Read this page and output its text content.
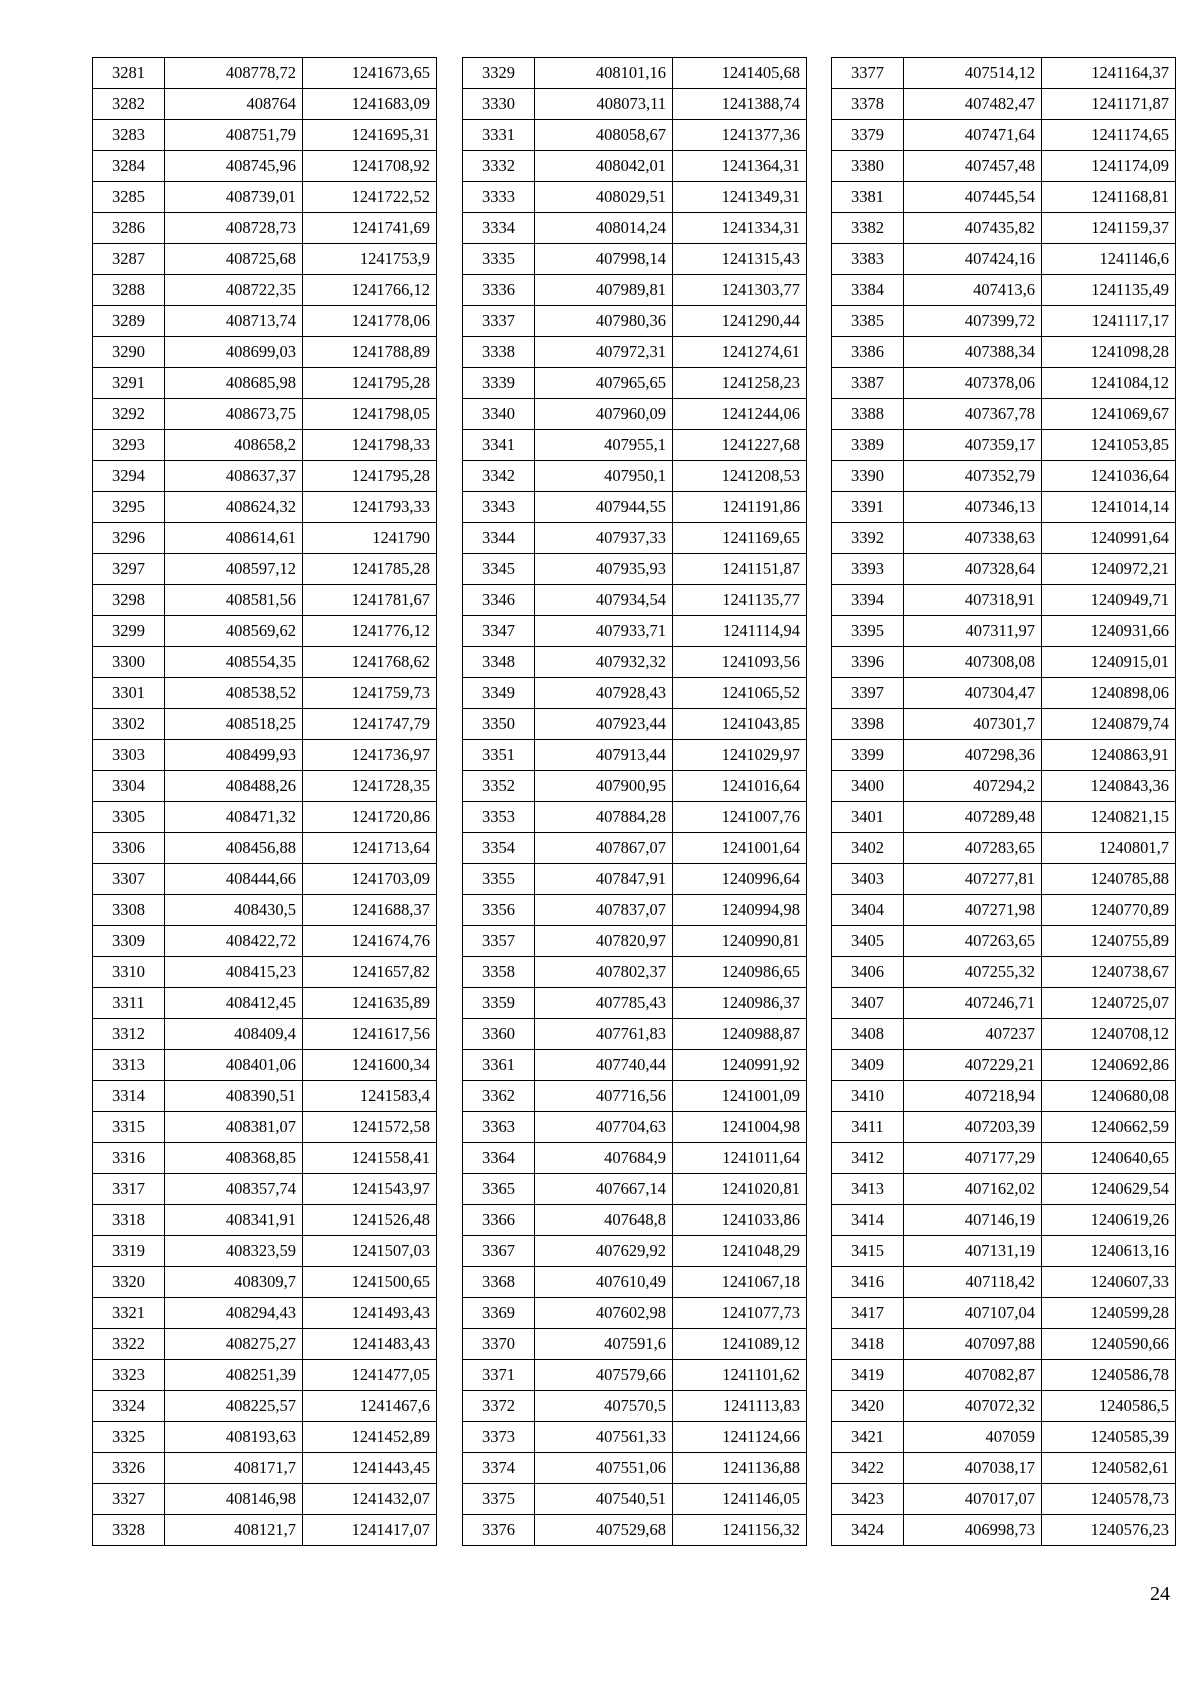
3281	408778,72	1241673,65
3282	408764	1241683,09
3283	408751,79	1241695,31
3284	408745,96	1241708,92
3285	408739,01	1241722,52
3286	408728,73	1241741,69
3287	408725,68	1241753,9
3288	408722,35	1241766,12
3289	408713,74	1241778,06
3290	408699,03	1241788,89
3291	408685,98	1241795,28
3292	408673,75	1241798,05
3293	408658,2	1241798,33
3294	408637,37	1241795,28
3295	408624,32	1241793,33
3296	408614,61	1241790
3297	408597,12	1241785,28
3298	408581,56	1241781,67
3299	408569,62	1241776,12
3300	408554,35	1241768,62
3301	408538,52	1241759,73
3302	408518,25	1241747,79
3303	408499,93	1241736,97
3304	408488,26	1241728,35
3305	408471,32	1241720,86
3306	408456,88	1241713,64
3307	408444,66	1241703,09
3308	408430,5	1241688,37
3309	408422,72	1241674,76
3310	408415,23	1241657,82
3311	408412,45	1241635,89
3312	408409,4	1241617,56
3313	408401,06	1241600,34
3314	408390,51	1241583,4
3315	408381,07	1241572,58
3316	408368,85	1241558,41
3317	408357,74	1241543,97
3318	408341,91	1241526,48
3319	408323,59	1241507,03
3320	408309,7	1241500,65
3321	408294,43	1241493,43
3322	408275,27	1241483,43
3323	408251,39	1241477,05
3324	408225,57	1241467,6
3325	408193,63	1241452,89
3326	408171,7	1241443,45
3327	408146,98	1241432,07
3328	408121,7	1241417,07
3329	408101,16	1241405,68
3330	408073,11	1241388,74
3331	408058,67	1241377,36
3332	408042,01	1241364,31
3333	408029,51	1241349,31
3334	408014,24	1241334,31
3335	407998,14	1241315,43
3336	407989,81	1241303,77
3337	407980,36	1241290,44
3338	407972,31	1241274,61
3339	407965,65	1241258,23
3340	407960,09	1241244,06
3341	407955,1	1241227,68
3342	407950,1	1241208,53
3343	407944,55	1241191,86
3344	407937,33	1241169,65
3345	407935,93	1241151,87
3346	407934,54	1241135,77
3347	407933,71	1241114,94
3348	407932,32	1241093,56
3349	407928,43	1241065,52
3350	407923,44	1241043,85
3351	407913,44	1241029,97
3352	407900,95	1241016,64
3353	407884,28	1241007,76
3354	407867,07	1241001,64
3355	407847,91	1240996,64
3356	407837,07	1240994,98
3357	407820,97	1240990,81
3358	407802,37	1240986,65
3359	407785,43	1240986,37
3360	407761,83	1240988,87
3361	407740,44	1240991,92
3362	407716,56	1241001,09
3363	407704,63	1241004,98
3364	407684,9	1241011,64
3365	407667,14	1241020,81
3366	407648,8	1241033,86
3367	407629,92	1241048,29
3368	407610,49	1241067,18
3369	407602,98	1241077,73
3370	407591,6	1241089,12
3371	407579,66	1241101,62
3372	407570,5	1241113,83
3373	407561,33	1241124,66
3374	407551,06	1241136,88
3375	407540,51	1241146,05
3376	407529,68	1241156,32
3377	407514,12	1241164,37
3378	407482,47	1241171,87
3379	407471,64	1241174,65
3380	407457,48	1241174,09
3381	407445,54	1241168,81
3382	407435,82	1241159,37
3383	407424,16	1241146,6
3384	407413,6	1241135,49
3385	407399,72	1241117,17
3386	407388,34	1241098,28
3387	407378,06	1241084,12
3388	407367,78	1241069,67
3389	407359,17	1241053,85
3390	407352,79	1241036,64
3391	407346,13	1241014,14
3392	407338,63	1240991,64
3393	407328,64	1240972,21
3394	407318,91	1240949,71
3395	407311,97	1240931,66
3396	407308,08	1240915,01
3397	407304,47	1240898,06
3398	407301,7	1240879,74
3399	407298,36	1240863,91
3400	407294,2	1240843,36
3401	407289,48	1240821,15
3402	407283,65	1240801,7
3403	407277,81	1240785,88
3404	407271,98	1240770,89
3405	407263,65	1240755,89
3406	407255,32	1240738,67
3407	407246,71	1240725,07
3408	407237	1240708,12
3409	407229,21	1240692,86
3410	407218,94	1240680,08
3411	407203,39	1240662,59
3412	407177,29	1240640,65
3413	407162,02	1240629,54
3414	407146,19	1240619,26
3415	407131,19	1240613,16
3416	407118,42	1240607,33
3417	407107,04	1240599,28
3418	407097,88	1240590,66
3419	407082,87	1240586,78
3420	407072,32	1240586,5
3421	407059	1240585,39
3422	407038,17	1240582,61
3423	407017,07	1240578,73
3424	406998,73	1240576,23
24
